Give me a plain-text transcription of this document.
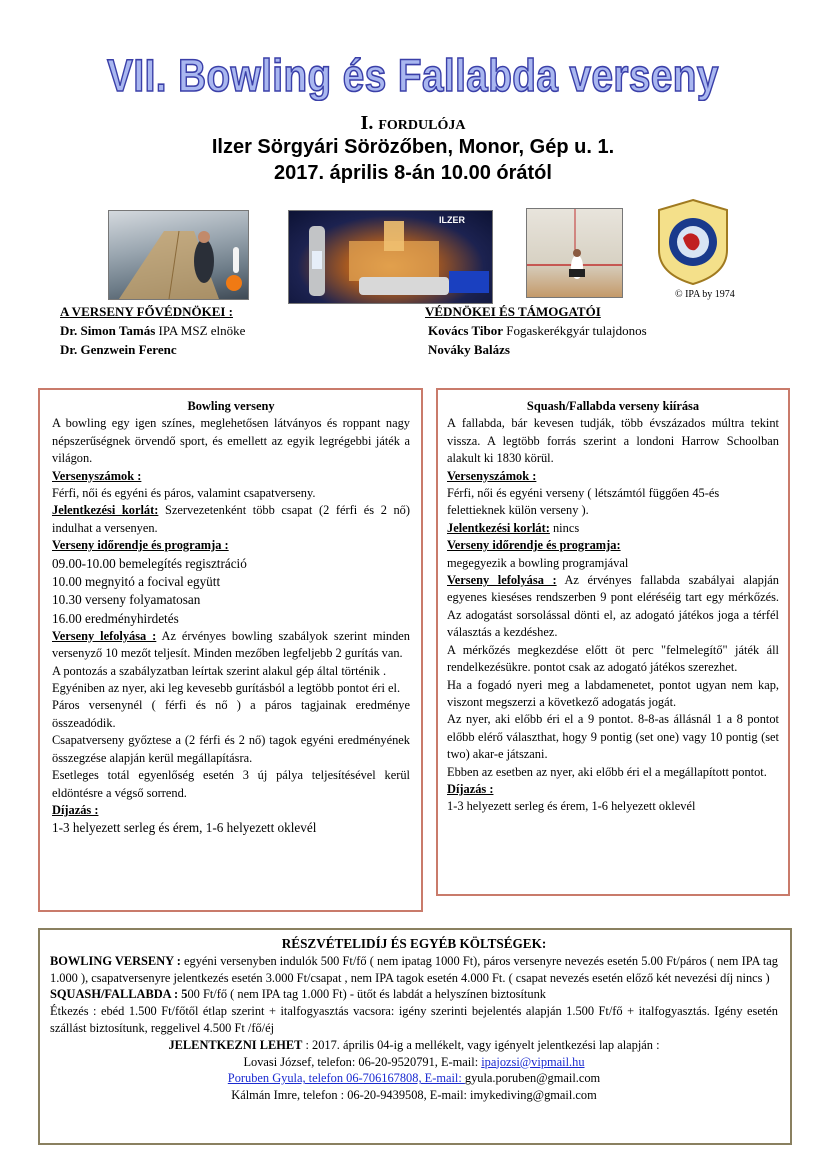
VII. Bowling és Fallabda verseny
I. fordulója
Ilzer Sörgyári Sörözőben, Monor, Gép u. 1.
2017. április 8-án 10.00 órától
ILZER
© IPA by 1974
A VERSENY FŐVÉDNÖKEI :
Dr. Simon Tamás IPA MSZ elnöke
Dr. Genzwein Ferenc
VÉDNÖKEI ÉS TÁMOGATÓI
Kovács Tibor Fogaskerékgyár tulajdonos
Nováky Balázs

Bowling verseny

A bowling egy igen színes, meglehetősen látványos és roppant nagy népszerűségnek örvendő sport, és emellett az egyik legrégebbi játék a világon.

Versenyszámok :

Férfi, női és egyéni és páros, valamint csapatverseny.

Jelentkezési korlát: Szervezetenként több csapat (2 férfi és 2 nő) indulhat a versenyen.

Verseny időrendje és programja :

09.00-10.00 bemelegítés regisztráció

10.00 megnyitó a focival együtt

10.30 verseny folyamatosan

16.00 eredményhirdetés

Verseny lefolyása : Az érvényes bowling szabályok szerint minden versenyző 10 mezőt teljesít. Minden mezőben legfeljebb 2 gurítás van.

A pontozás a szabályzatban leírtak szerint alakul gép által történik .

Egyéniben az nyer, aki leg kevesebb gurításból a legtöbb pontot éri el.

Páros versenynél ( férfi és nő ) a páros tagjainak eredménye összeadódik.

Csapatverseny győztese a (2 férfi és 2 nő) tagok egyéni eredményének összegzése alapján kerül megállapításra.

Esetleges totál egyenlőség esetén 3 új pálya teljesítésével kerül eldöntésre a végső sorrend.

Díjazás :

1-3 helyezett serleg és érem, 1-6 helyezett oklevél

Squash/Fallabda verseny kiírása

A fallabda, bár kevesen tudják, több évszázados múltra tekint vissza. A legtöbb forrás szerint a londoni Harrow Schoolban alakult ki 1830 körül.

Versenyszámok :

Férfi, női és egyéni verseny ( létszámtól függően 45-és felettieknek külön verseny ).

Jelentkezési korlát: nincs

Verseny időrendje és programja:

megegyezik a bowling programjával

Verseny lefolyása : Az érvényes fallabda szabályai alapján egyenes kieséses rendszerben 9 pont eléréséig tart egy mérkőzés. Az adogatást sorsolással dönti el, az adogató játékos joga a térfél választás a kezdéshez.

A mérkőzés megkezdése előtt öt perc "felmelegítő" játék áll rendelkezésükre. pontot csak az adogató játékos szerezhet.

Ha a fogadó nyeri meg a labdamenetet, pontot ugyan nem kap, viszont megszerzi a következő adogatás jogát.

Az nyer, aki előbb éri el a 9 pontot. 8-8-as állásnál 1 a 8 pontot előbb elérő választhat, hogy 9 pontig (set one) vagy 10 pontig (set two) akar-e játszani.

Ebben az esetben az nyer, aki előbb éri el a megállapított pontot.

Díjazás :

1-3 helyezett serleg és érem, 1-6 helyezett oklevél

RÉSZVÉTELIDÍJ ÉS EGYÉB KÖLTSÉGEK:

BOWLING VERSENY : egyéni versenyben indulók 500 Ft/fő ( nem ipatag 1000 Ft), páros versenyre nevezés esetén 5.00 Ft/páros ( nem IPA tag 1.000 ), csapatversenyre jelentkezés esetén 3.000 Ft/csapat , nem IPA tagok esetén 4.000 Ft. ( csapat nevezés esetén előző két nevezési díj nincs )

SQUASH/FALLABDA : 500 Ft/fő ( nem IPA tag 1.000 Ft) - ütőt és labdát a helyszínen biztosítunk

Étkezés : ebéd 1.500 Ft/főtől étlap szerint + italfogyasztás vacsora: igény szerinti bejelentés alapján 1.500 Ft/fő + italfogyasztás. Igény esetén szállást biztosítunk, reggelivel 4.500 Ft /fő/éj

JELENTKEZNI LEHET : 2017. április 04-ig a mellékelt, vagy igényelt jelentkezési lap alapján :

Lovasi József, telefon: 06-20-9520791, E-mail: ipajozsi@vipmail.hu

Poruben Gyula, telefon 06-706167808, E-mail: gyula.poruben@gmail.com

Kálmán Imre, telefon : 06-20-9439508, E-mail: imykediving@gmail.com
